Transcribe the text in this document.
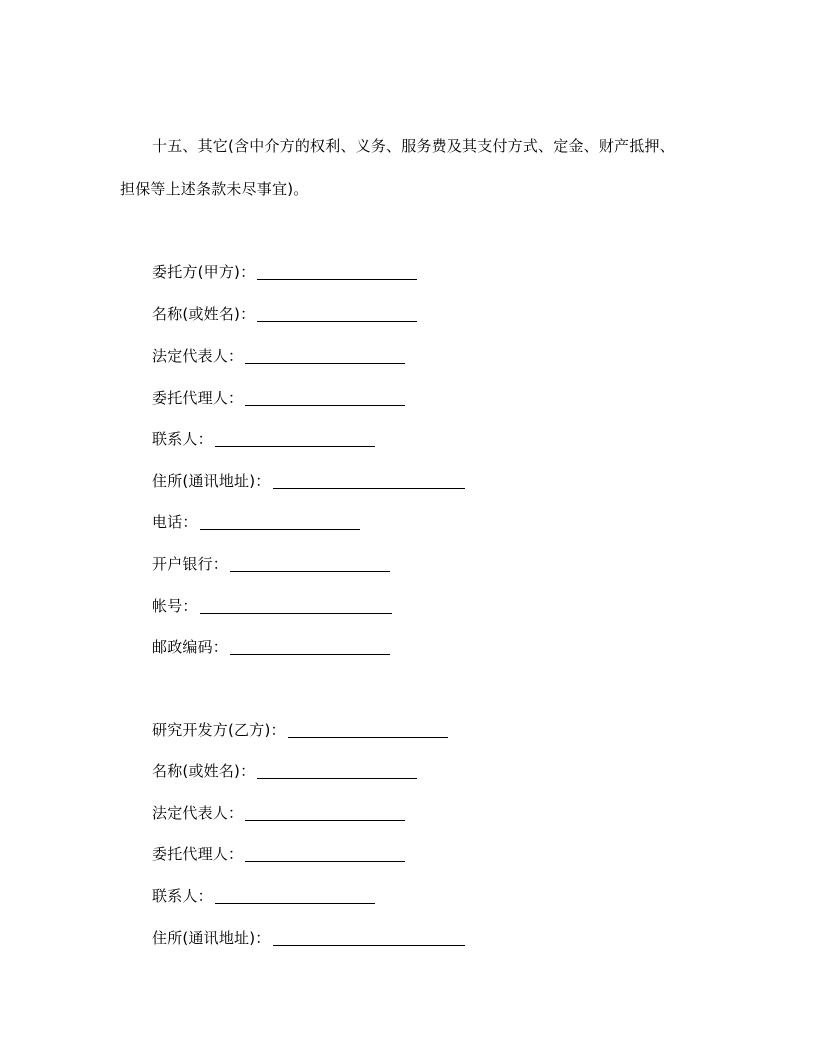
十五、其它(含中介方的权利、义务、服务费及其支付方式、定金、财产抵押、
担保等上述条款未尽事宜)。
委托方(甲方)：
名称(或姓名)：
法定代表人：
委托代理人：
联系人：
住所(通讯地址)：
电话：
开户银行：
帐号：
邮政编码：
研究开发方(乙方)：
名称(或姓名)：
法定代表人：
委托代理人：
联系人：
住所(通讯地址)：
